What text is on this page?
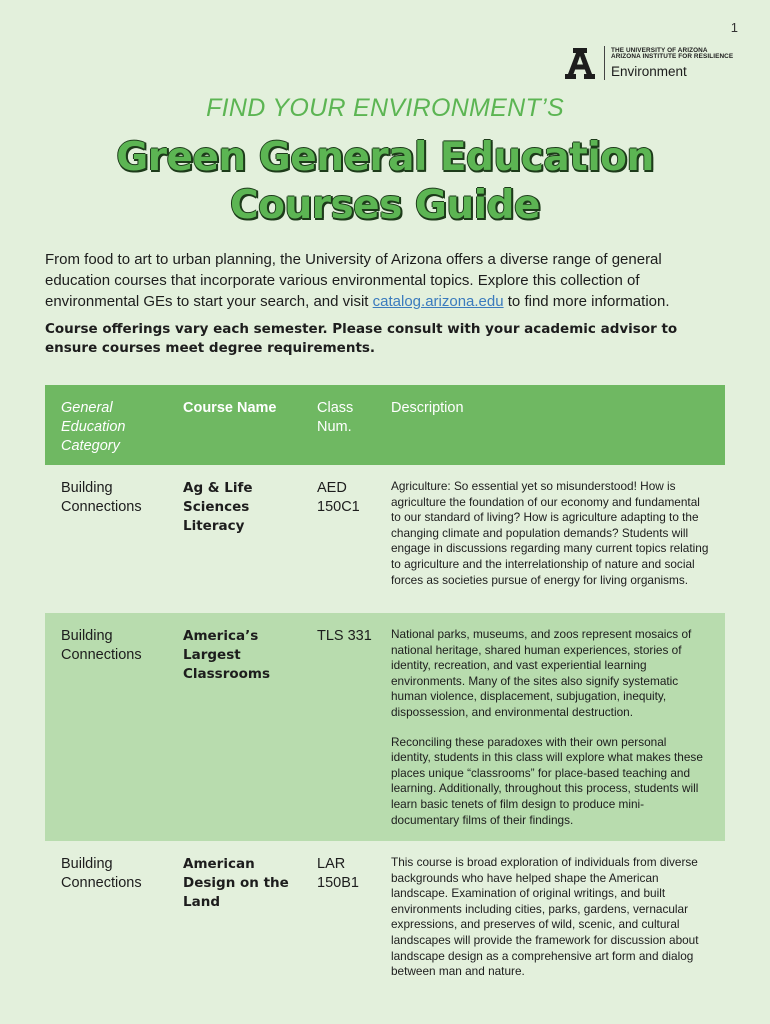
1
THE UNIVERSITY OF ARIZONA
ARIZONA INSTITUTE FOR RESILIENCE
Environment
FIND YOUR ENVIRONMENT’S
Green General Education
Courses Guide
From food to art to urban planning, the University of Arizona offers a diverse range of general education courses that incorporate various environmental topics. Explore this collection of environmental GEs to start your search, and visit catalog.arizona.edu to find more information.
Course offerings vary each semester. Please consult with your academic advisor to ensure courses meet degree requirements.
General Education Category
Course Name	Class Num.
Description
Building Connections
Ag & Life Sciences Literacy
AED 150C1

Agriculture: So essential yet so misunderstood! How is agriculture the foundation of our economy and fundamental to our standard of living? How is agriculture adapting to the changing climate and population demands? Students will engage in discussions regarding many current topics relating to agriculture and the interrelationship of nature and social forces as societies pursue of energy for living organisms.

Building Connections
America’s Largest Classrooms
TLS 331 National parks, museums, and zoos represent mosaics of national heritage, shared human experiences, stories of identity, recreation, and vast experiential learning environments. Many of the sites also signify systematic human violence, displacement, subjugation, inequity, dispossession, and environmental destruction.

Reconciling these paradoxes with their own personal identity, students in this class will explore what makes these places unique “classrooms” for place-based teaching and learning. Additionally, throughout this process, students will learn basic tenets of film design to produce mini-documentary films of their findings.

Building Connections
American Design on the Land
LAR 150B1

This course is broad exploration of individuals from diverse backgrounds who have helped shape the American landscape. Examination of original writings, and built environments including cities, parks, gardens, vernacular expressions, and preserves of wild, scenic, and cultural landscapes will provide the framework for discussion about landscape design as a comprehensive art form and dialog between man and nature.
